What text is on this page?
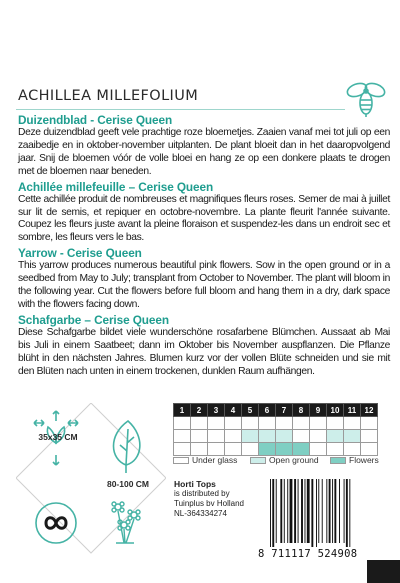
ACHILLEA MILLEFOLIUM
Duizendblad - Cerise Queen
Deze duizendblad geeft vele prachtige roze bloemetjes. Zaaien vanaf mei tot juli op een zaaibedje en in oktober-november uitplanten. De plant bloeit dan in het daaropvolgend jaar. Snij de bloemen vóór de volle bloei en hang ze op een donkere plaats te drogen met de bloemen naar beneden.
Achillée millefeuille – Cerise Queen
Cette achillée produit de nombreuses et magnifiques fleurs roses. Semer de mai à juillet sur lit de semis, et repiquer en octobre-novembre. La plante fleurit l'année suivante. Coupez les fleurs juste avant la pleine floraison et suspendez-les dans un endroit sec et sombre, les fleurs vers le bas.
Yarrow - Cerise Queen
This yarrow produces numerous beautiful pink flowers. Sow in the open ground or in a seedbed from May to July; transplant from October to November. The plant will bloom in the following year. Cut the flowers before full bloom and hang them in a dry, dark space with the flowers facing down.
Schafgarbe – Cerise Queen
Diese Schafgarbe bildet viele wunderschöne rosafarbene Blümchen. Aussaat ab Mai bis Juli in einem Saatbeet; dann im Oktober bis November auspflanzen. Die Pflanze blüht in den nächsten Jahres. Blumen kurz vor der vollen Blüte schneiden und sie mit den Blüten nach unten in einem trockenen, dunklen Raum aufhängen.
35x35 CM
80-100 CM
1	2	3	4	5	6	7	8	9	10	11	12

Under glass	Open ground	Flowers
Horti Tops
is distributed by
Tuinplus bv Holland
NL-364334274
8 711117 524908
